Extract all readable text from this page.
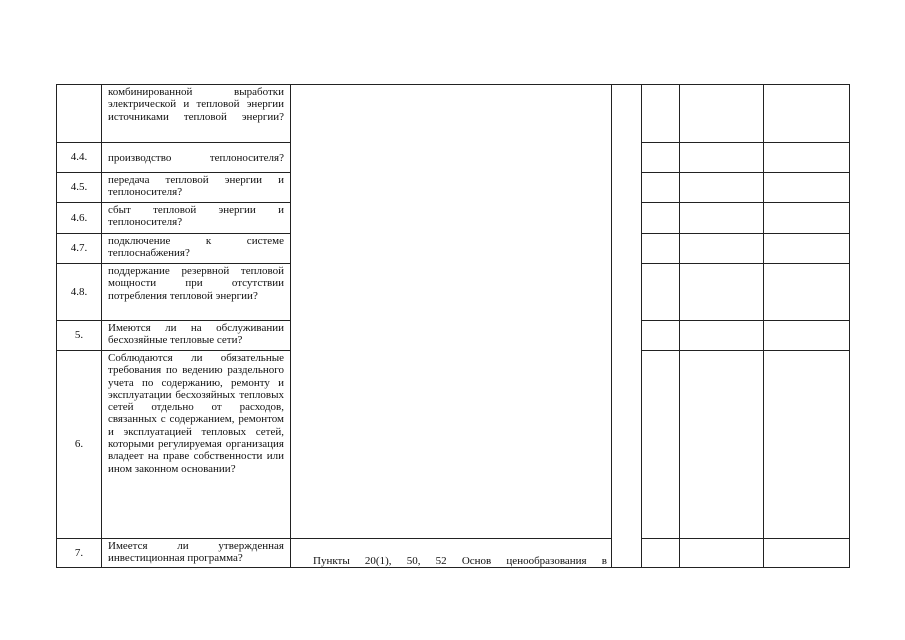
	комбинированной выработки электрической и тепловой энергии источниками тепловой энергии?					
4.4.	производство теплоносителя?					
4.5.	передача тепловой энергии и теплоносителя?					
4.6.	сбыт тепловой энергии и теплоносителя?					
4.7.	подключение к системе теплоснабжения?					
4.8.	поддержание резервной тепловой мощности при отсутствии потребления тепловой энергии?					
5.	Имеются ли на обслуживании бесхозяйные тепловые сети?					
6.	Соблюдаются ли обязательные требования по ведению раздельного учета по содержанию, ремонту и эксплуатации бесхозяйных тепловых сетей отдельно от расходов, связанных с содержанием, ремонтом и эксплуатацией тепловых сетей, которыми регулируемая организация владеет на праве собственности или ином законном основании?					
7.	Имеется ли утвержденная инвестиционная программа?	Пункты 20(1), 50, 52 Основ ценообразования в				
